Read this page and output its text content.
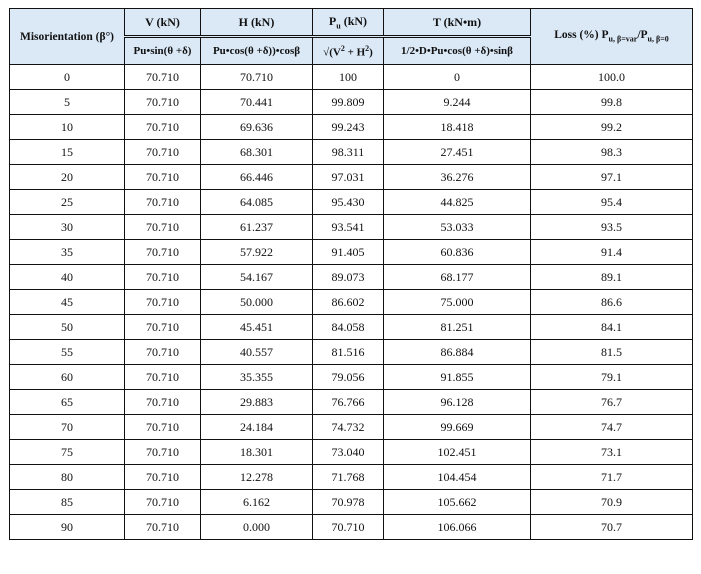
Misorientation (β°)	V (kN)	H (kN)	$P_u$ (kN)	T (kN•m)	Loss (%) $P_{u, \beta=var}/P_{u, \beta=0}$
	Pu•sin(θ +δ)	Pu•cos(θ +δ))•cosβ	$√(V^2 + H^2)$	1/2•D•Pu•cos(θ +δ)•sinβ	
0	70.710	70.710	100	0	100.0
5	70.710	70.441	99.809	9.244	99.8
10	70.710	69.636	99.243	18.418	99.2
15	70.710	68.301	98.311	27.451	98.3
20	70.710	66.446	97.031	36.276	97.1
25	70.710	64.085	95.430	44.825	95.4
30	70.710	61.237	93.541	53.033	93.5
35	70.710	57.922	91.405	60.836	91.4
40	70.710	54.167	89.073	68.177	89.1
45	70.710	50.000	86.602	75.000	86.6
50	70.710	45.451	84.058	81.251	84.1
55	70.710	40.557	81.516	86.884	81.5
60	70.710	35.355	79.056	91.855	79.1
65	70.710	29.883	76.766	96.128	76.7
70	70.710	24.184	74.732	99.669	74.7
75	70.710	18.301	73.040	102.451	73.1
80	70.710	12.278	71.768	104.454	71.7
85	70.710	6.162	70.978	105.662	70.9
90	70.710	0.000	70.710	106.066	70.7
